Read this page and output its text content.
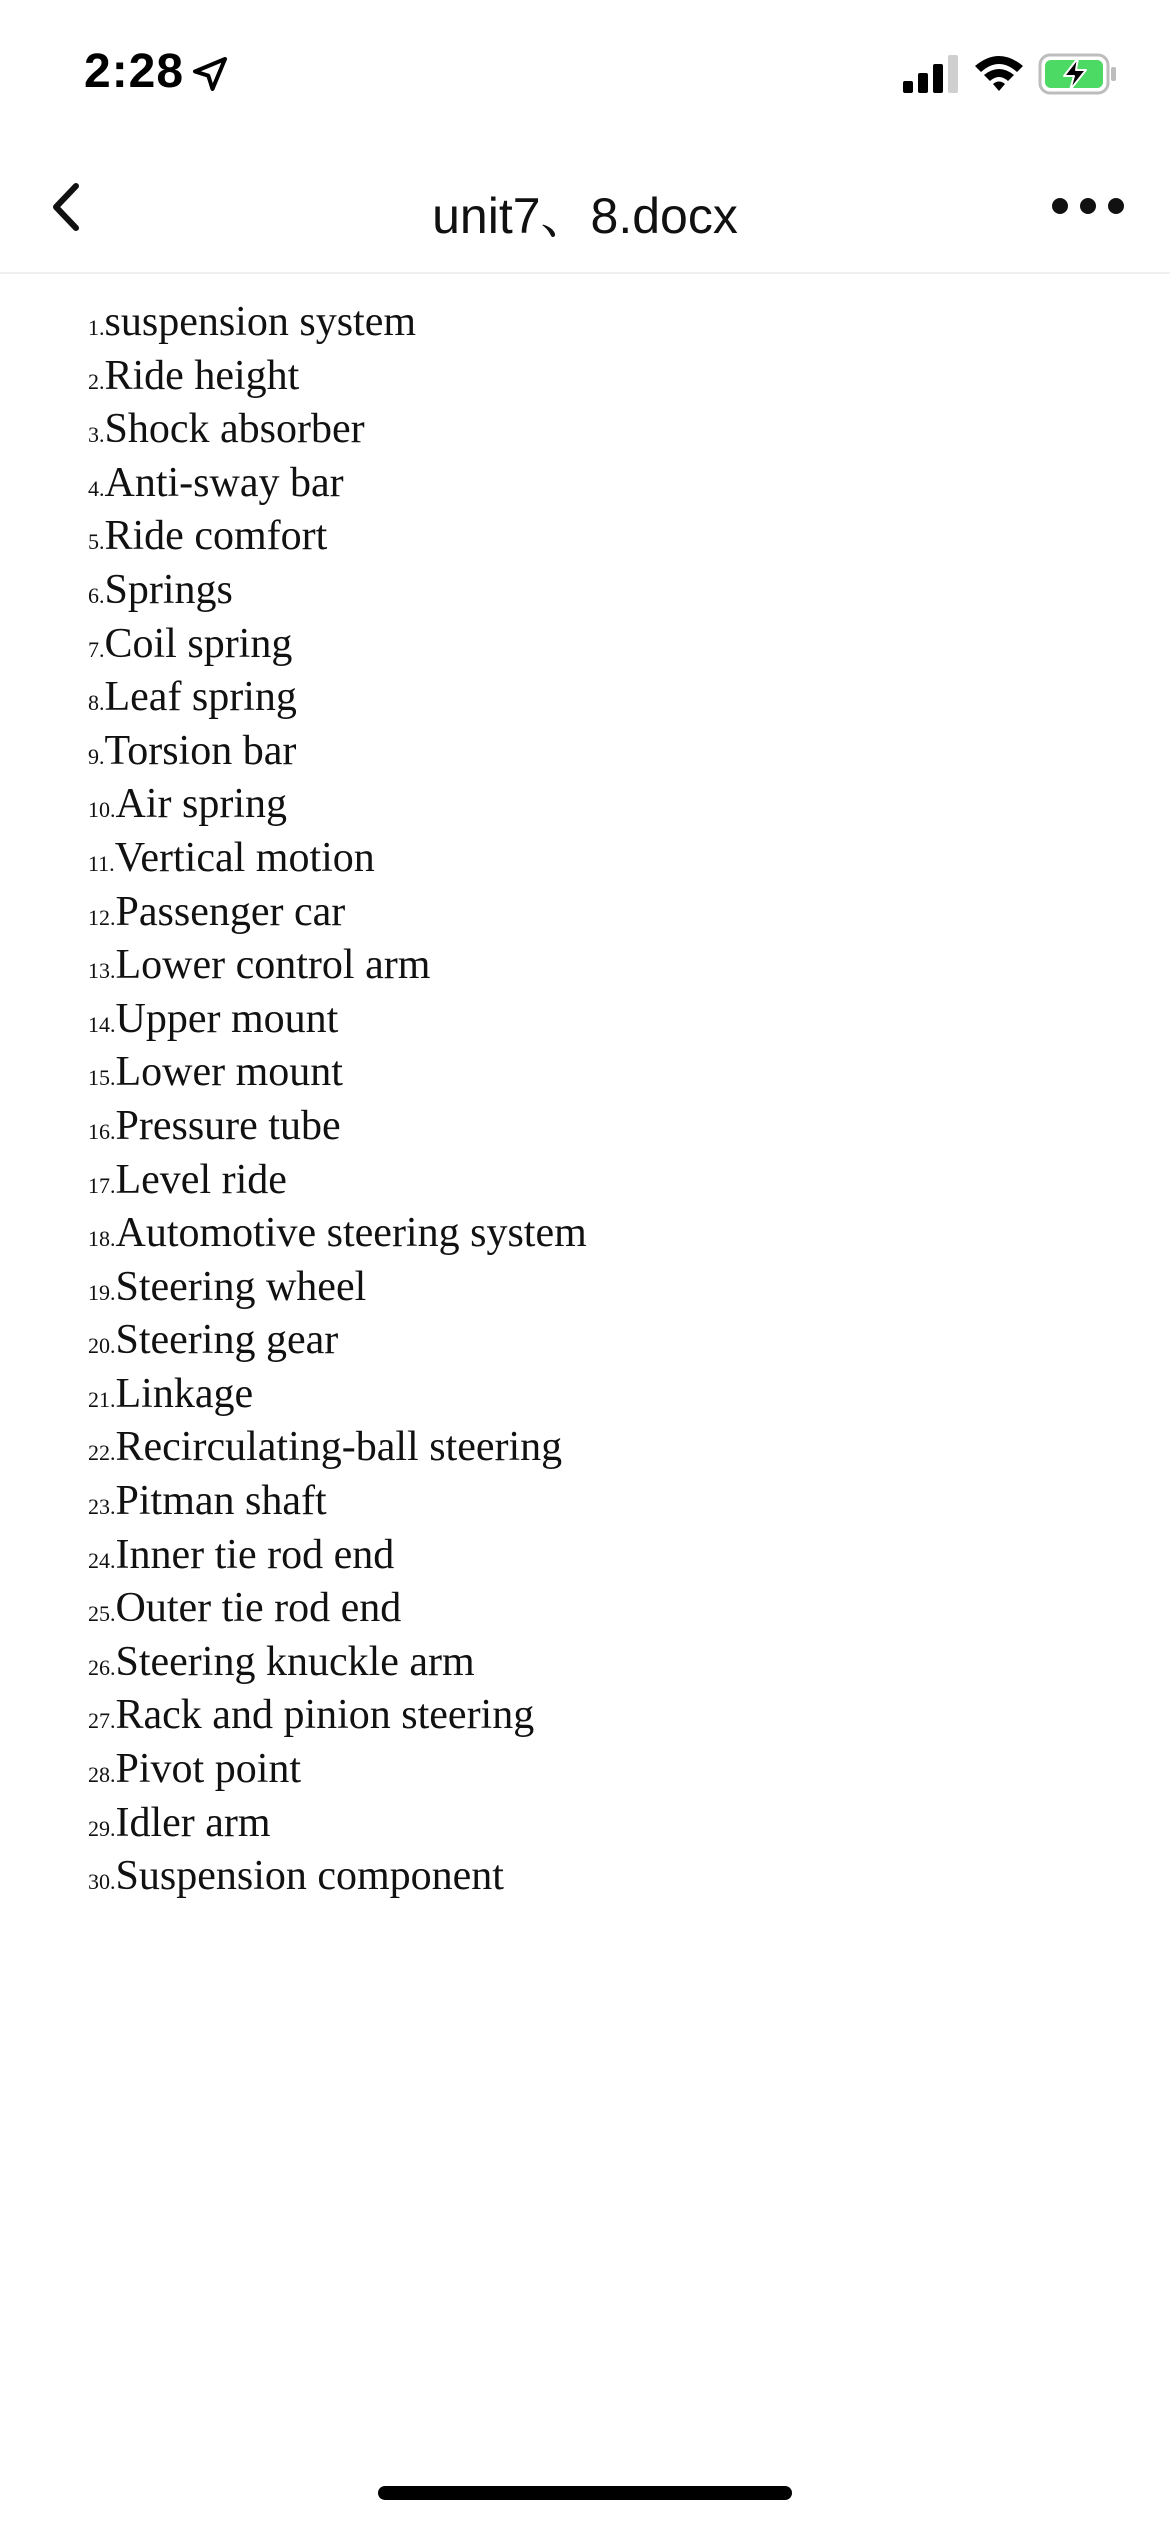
2:28
unit7、8.docx
1.suspension system
2.Ride height
3.Shock absorber
4.Anti-sway bar
5.Ride comfort
6.Springs
7.Coil spring
8.Leaf spring
9.Torsion bar
10.Air spring
11.Vertical motion
12.Passenger car
13.Lower control arm
14.Upper mount
15.Lower mount
16.Pressure tube
17.Level ride
18.Automotive steering system
19.Steering wheel
20.Steering gear
21.Linkage
22.Recirculating-ball steering
23.Pitman shaft
24.Inner tie rod end
25.Outer tie rod end
26.Steering knuckle arm
27.Rack and pinion steering
28.Pivot point
29.Idler arm
30.Suspension component
